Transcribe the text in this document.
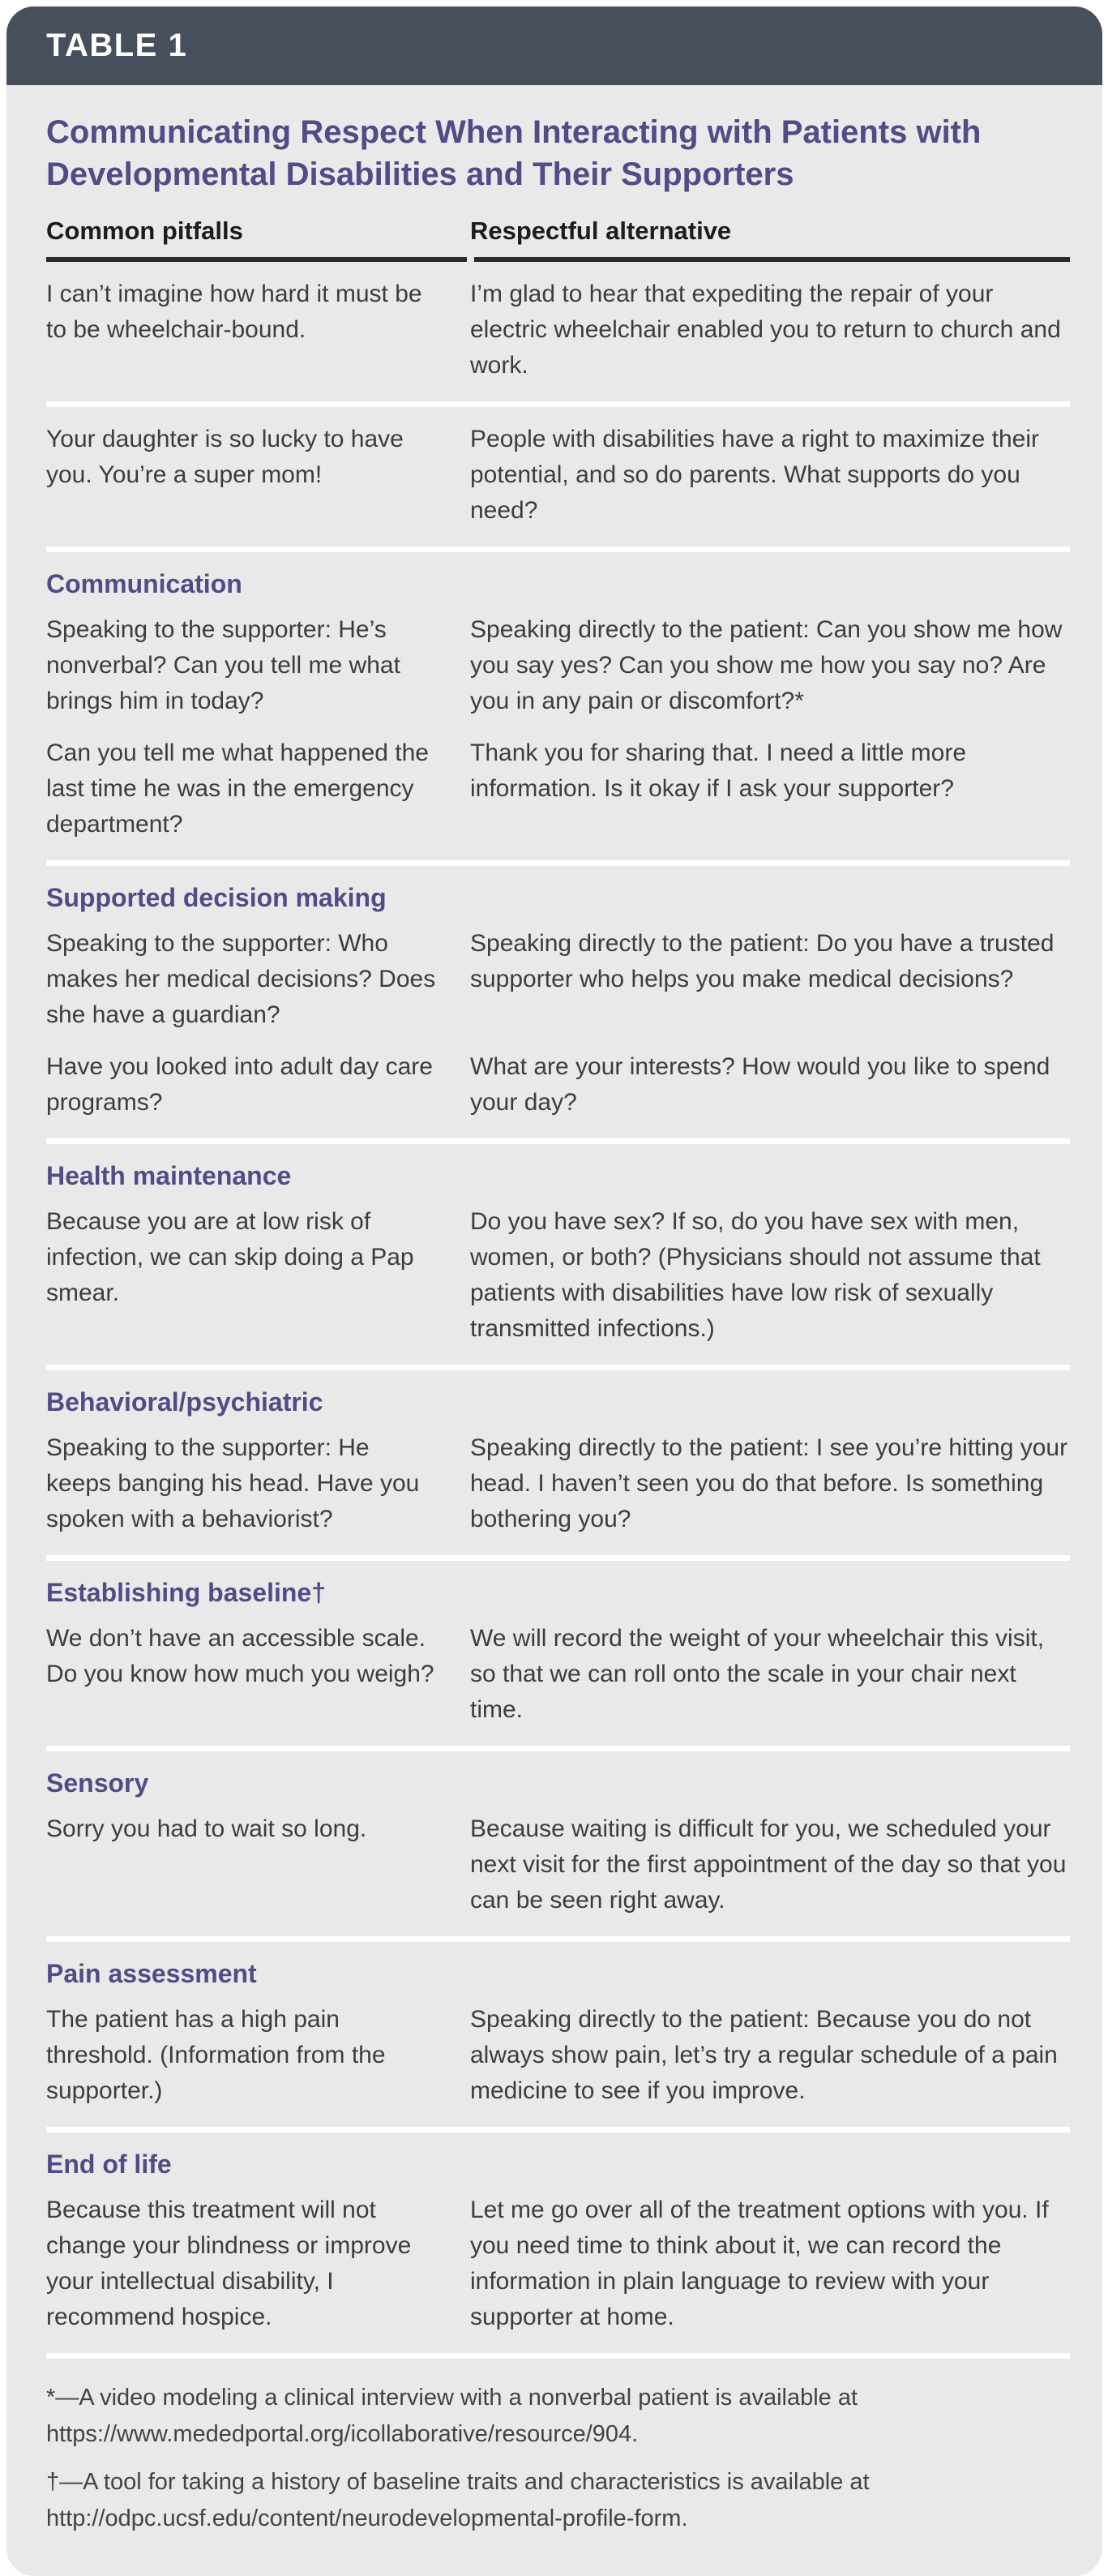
TABLE 1
Communicating Respect When Interacting with Patients with Developmental Disabilities and Their Supporters
Common pitfalls	Respectful alternative

I can’t imagine how hard it must be to be wheelchair-bound.

I’m glad to hear that expediting the repair of your electric wheelchair enabled you to return to church and work.

Your daughter is so lucky to have you. You’re a super mom!

People with disabilities have a right to maximize their potential, and so do parents. What supports do you need?

Communication

Speaking to the supporter: He’s nonverbal? Can you tell me what brings him in today?

Speaking directly to the patient: Can you show me how you say yes? Can you show me how you say no? Are you in any pain or discomfort?*

Can you tell me what happened the last time he was in the emergency department?

Thank you for sharing that. I need a little more information. Is it okay if I ask your supporter?

Supported decision making

Speaking to the supporter: Who makes her medical decisions? Does she have a guardian?

Speaking directly to the patient: Do you have a trusted supporter who helps you make medical decisions?

Have you looked into adult day care programs?

What are your interests? How would you like to spend your day?

Health maintenance

Because you are at low risk of infection, we can skip doing a Pap smear.

Do you have sex? If so, do you have sex with men, women, or both? (Physicians should not assume that patients with disabilities have low risk of sexually transmitted infections.)

Behavioral/psychiatric

Speaking to the supporter: He keeps banging his head. Have you spoken with a behaviorist?

Speaking directly to the patient: I see you’re hitting your head. I haven’t seen you do that before. Is something bothering you?

Establishing baseline†

We don’t have an accessible scale. Do you know how much you weigh?

We will record the weight of your wheelchair this visit, so that we can roll onto the scale in your chair next time.

Sensory

Sorry you had to wait so long.	Because waiting is difficult for you, we scheduled your next visit for the first appointment of the day so that you can be seen right away.

Pain assessment

The patient has a high pain threshold. (Information from the supporter.)

Speaking directly to the patient: Because you do not always show pain, let’s try a regular schedule of a pain medicine to see if you improve.

End of life

Because this treatment will not change your blindness or improve your intellectual disability, I recommend hospice.

Let me go over all of the treatment options with you. If you need time to think about it, we can record the information in plain language to review with your supporter at home.

*—A video modeling a clinical interview with a nonverbal patient is available at https://www.mededportal.org/icollaborative/resource/904.

†—A tool for taking a history of baseline traits and characteristics is available at http://odpc.ucsf.edu/content/neurodevelopmental-profile-form.
